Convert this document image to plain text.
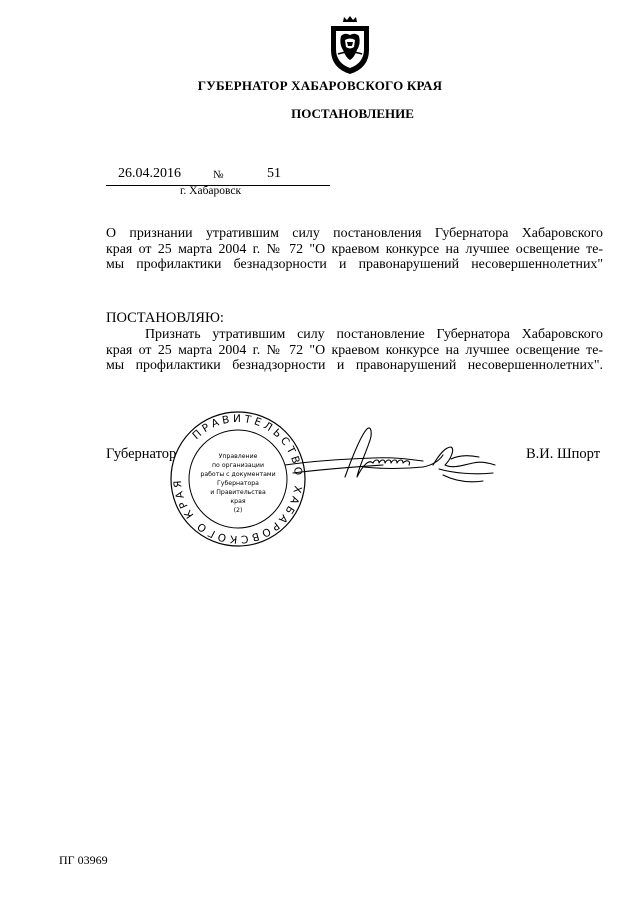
ГУБЕРНАТОР ХАБАРОВСКОГО КРАЯ
ПОСТАНОВЛЕНИЕ
26.04.2016	№	51
г. Хабаровск
О признании утратившим силу постановления Губернатора Хабаровского
края от 25 марта 2004 г. № 72 "О краевом конкурсе на лучшее освещение те-
мы профилактики безнадзорности и правонарушений несовершеннолетних"
ПОСТАНОВЛЯЮ:
Признать утратившим силу постановление Губернатора Хабаровского
края от 25 марта 2004 г. № 72 "О краевом конкурсе на лучшее освещение те-
мы профилактики безнадзорности и правонарушений несовершеннолетних".
Губернатор	В.И. Шпорт
ПРАВИТЕЛЬСТВО ХАБАРОВСКОГО КРАЯ
Управление
по организации
работы с документами
Губернатора
и Правительства
края
(2)
ПГ 03969
